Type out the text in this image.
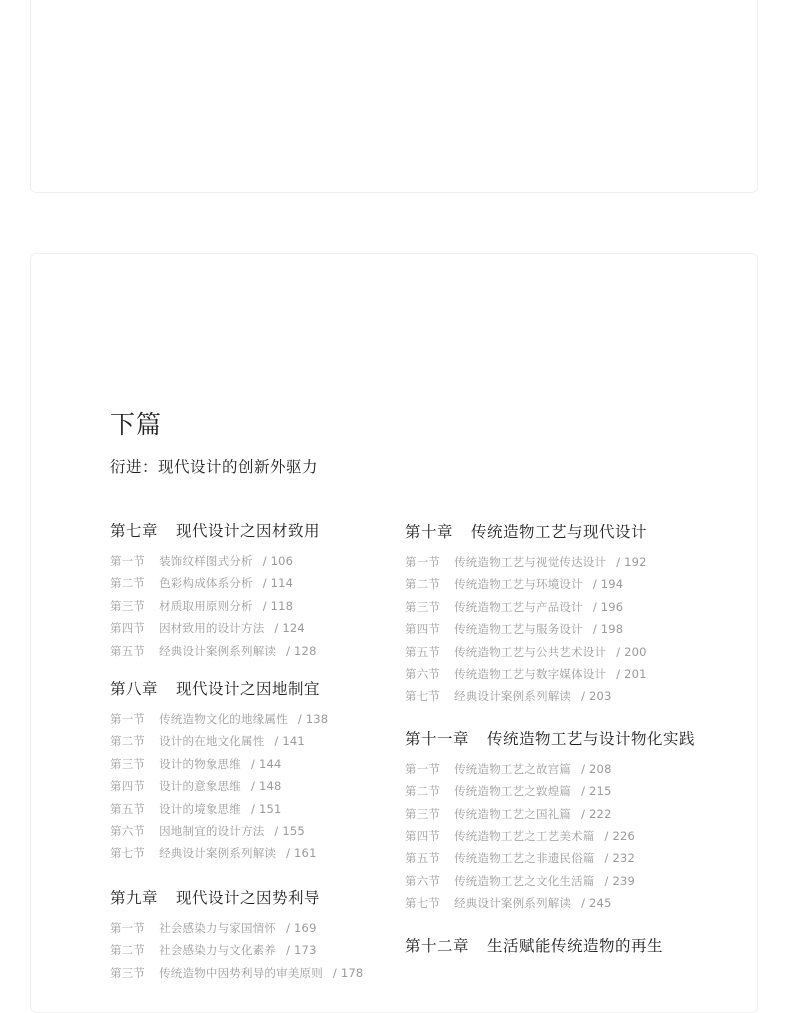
下篇
衍进：现代设计的创新外驱力
第七章 现代设计之因材致用
第一节 装饰纹样图式分析 / 106
第二节 色彩构成体系分析 / 114
第三节 材质取用原则分析 / 118
第四节 因材致用的设计方法 / 124
第五节 经典设计案例系列解读 / 128
第八章 现代设计之因地制宜
第一节 传统造物文化的地缘属性 / 138
第二节 设计的在地文化属性 / 141
第三节 设计的物象思维 / 144
第四节 设计的意象思维 / 148
第五节 设计的境象思维 / 151
第六节 因地制宜的设计方法 / 155
第七节 经典设计案例系列解读 / 161
第九章 现代设计之因势利导
第一节 社会感染力与家国情怀 / 169
第二节 社会感染力与文化素养 / 173
第三节 传统造物中因势利导的审美原则 / 178
第十章 传统造物工艺与现代设计
第一节 传统造物工艺与视觉传达设计 / 192
第二节 传统造物工艺与环境设计 / 194
第三节 传统造物工艺与产品设计 / 196
第四节 传统造物工艺与服务设计 / 198
第五节 传统造物工艺与公共艺术设计 / 200
第六节 传统造物工艺与数字媒体设计 / 201
第七节 经典设计案例系列解读 / 203
第十一章 传统造物工艺与设计物化实践
第一节 传统造物工艺之故宫篇 / 208
第二节 传统造物工艺之敦煌篇 / 215
第三节 传统造物工艺之国礼篇 / 222
第四节 传统造物工艺之工艺美术篇 / 226
第五节 传统造物工艺之非遗民俗篇 / 232
第六节 传统造物工艺之文化生活篇 / 239
第七节 经典设计案例系列解读 / 245
第十二章 生活赋能传统造物的再生
